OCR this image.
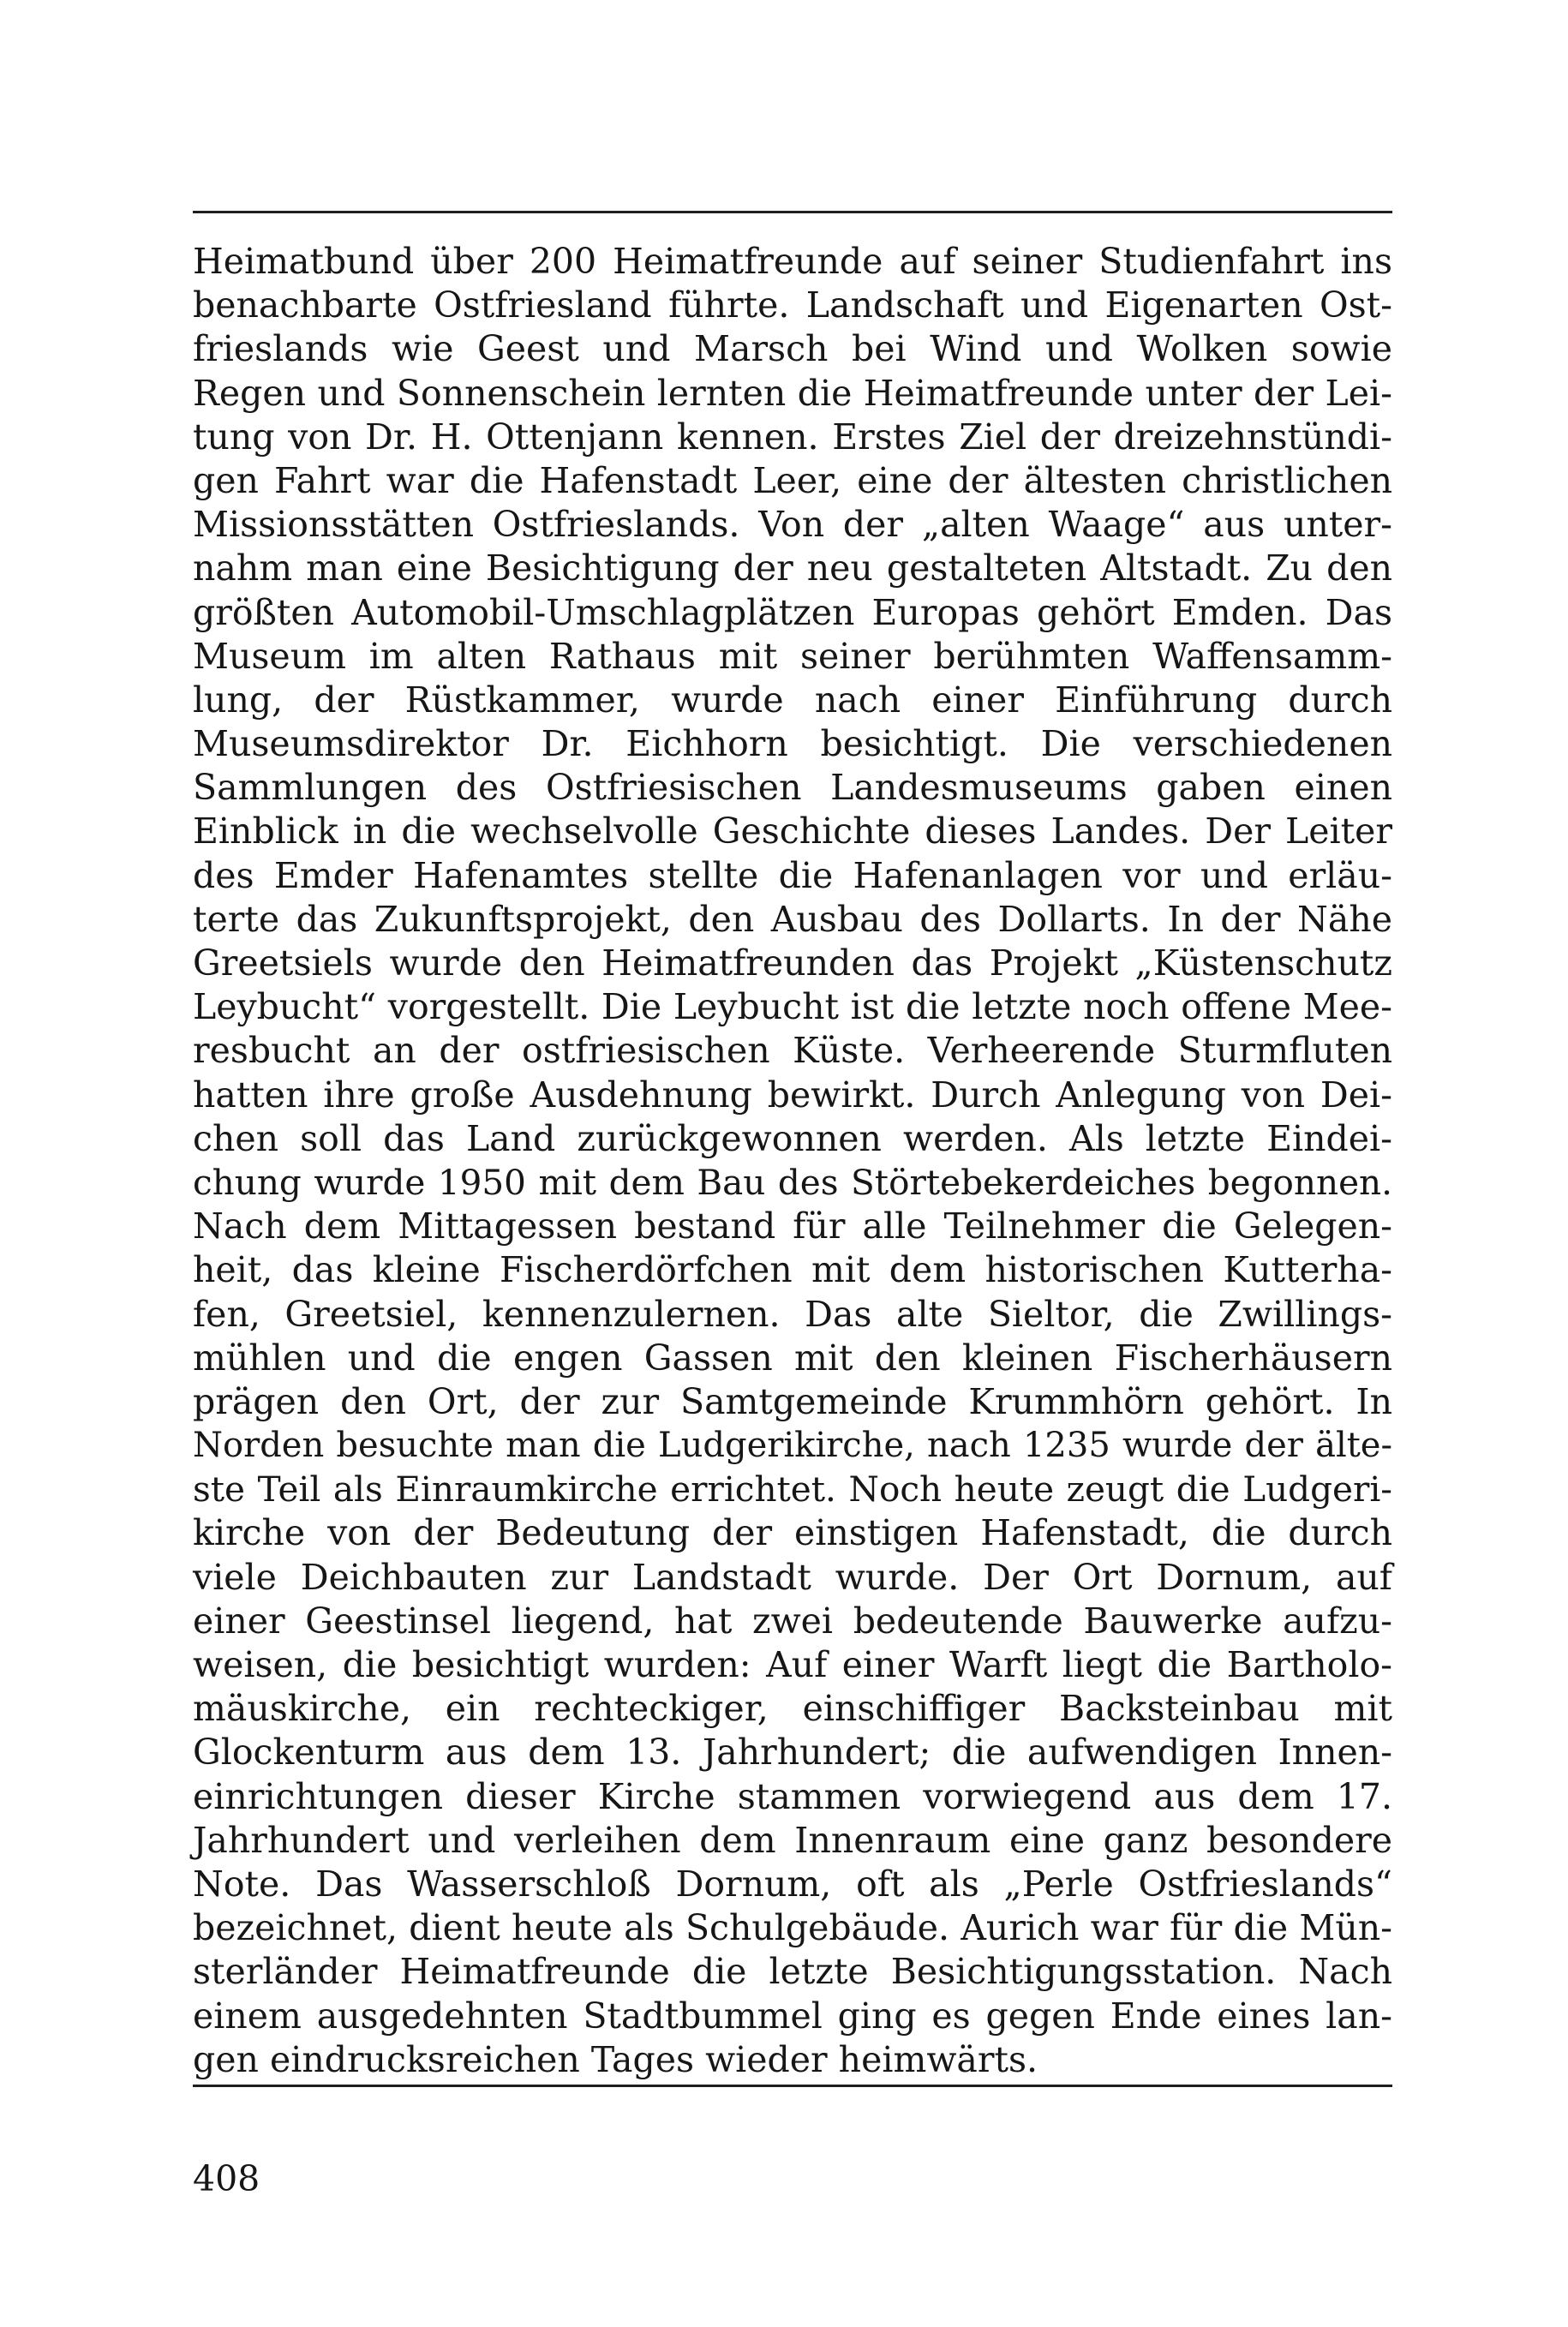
Heimatbund über 200 Heimatfreunde auf seiner Studienfahrt ins
benachbarte Ostfriesland führte. Landschaft und Eigenarten Ost-
frieslands wie Geest und Marsch bei Wind und Wolken sowie
Regen und Sonnenschein lernten die Heimatfreunde unter der Lei-
tung von Dr. H. Ottenjann kennen. Erstes Ziel der dreizehnstündi-
gen Fahrt war die Hafenstadt Leer, eine der ältesten christlichen
Missionsstätten Ostfrieslands. Von der „alten Waage“ aus unter-
nahm man eine Besichtigung der neu gestalteten Altstadt. Zu den
größten Automobil-Umschlagplätzen Europas gehört Emden. Das
Museum im alten Rathaus mit seiner berühmten Waffensamm-
lung, der Rüstkammer, wurde nach einer Einführung durch
Museumsdirektor Dr. Eichhorn besichtigt. Die verschiedenen
Sammlungen des Ostfriesischen Landesmuseums gaben einen
Einblick in die wechselvolle Geschichte dieses Landes. Der Leiter
des Emder Hafenamtes stellte die Hafenanlagen vor und erläu-
terte das Zukunftsprojekt, den Ausbau des Dollarts. In der Nähe
Greetsiels wurde den Heimatfreunden das Projekt „Küstenschutz
Leybucht“ vorgestellt. Die Leybucht ist die letzte noch offene Mee-
resbucht an der ostfriesischen Küste. Verheerende Sturmfluten
hatten ihre große Ausdehnung bewirkt. Durch Anlegung von Dei-
chen soll das Land zurückgewonnen werden. Als letzte Eindei-
chung wurde 1950 mit dem Bau des Störtebekerdeiches begonnen.
Nach dem Mittagessen bestand für alle Teilnehmer die Gelegen-
heit, das kleine Fischerdörfchen mit dem historischen Kutterha-
fen, Greetsiel, kennenzulernen. Das alte Sieltor, die Zwillings-
mühlen und die engen Gassen mit den kleinen Fischerhäusern
prägen den Ort, der zur Samtgemeinde Krummhörn gehört. In
Norden besuchte man die Ludgerikirche, nach 1235 wurde der älte-
ste Teil als Einraumkirche errichtet. Noch heute zeugt die Ludgeri-
kirche von der Bedeutung der einstigen Hafenstadt, die durch
viele Deichbauten zur Landstadt wurde. Der Ort Dornum, auf
einer Geestinsel liegend, hat zwei bedeutende Bauwerke aufzu-
weisen, die besichtigt wurden: Auf einer Warft liegt die Bartholo-
mäuskirche, ein rechteckiger, einschiffiger Backsteinbau mit
Glockenturm aus dem 13. Jahrhundert; die aufwendigen Innen-
einrichtungen dieser Kirche stammen vorwiegend aus dem 17.
Jahrhundert und verleihen dem Innenraum eine ganz besondere
Note. Das Wasserschloß Dornum, oft als „Perle Ostfrieslands“
bezeichnet, dient heute als Schulgebäude. Aurich war für die Mün-
sterländer Heimatfreunde die letzte Besichtigungsstation. Nach
einem ausgedehnten Stadtbummel ging es gegen Ende eines lan-
gen eindrucksreichen Tages wieder heimwärts.
408
